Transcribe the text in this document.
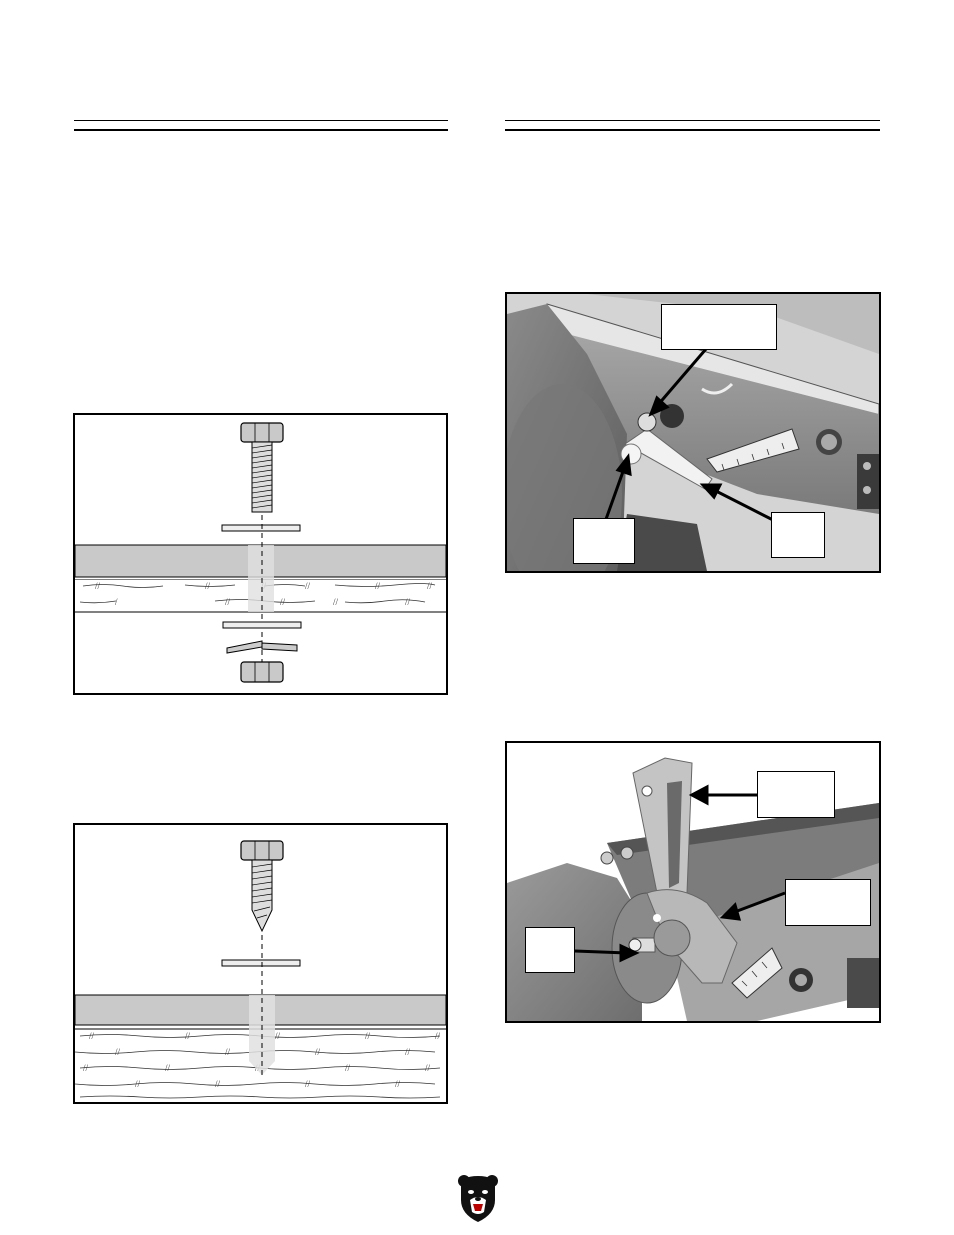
//	//	//	//	//
/	//	//	//	//
//	//	//	//	//
//	//	//	//
//	//	//	//
//	//	//	//
